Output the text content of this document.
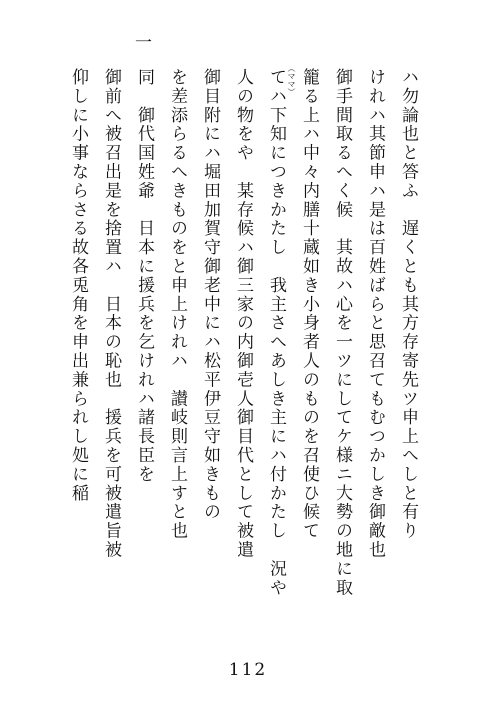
（ママ）
一
ハ勿論也と答ふ　遅くとも其方存寄先ツ申上へしと有り
けれハ其節申ハ是は百姓ばらと思召てもむつかしき御敵也
御手間取るへく候　其故ハ心を一ツにしてケ様ニ大勢の地に取
籠る上ハ中々内膳十蔵如き小身者人のものを召使ひ候て
てハ下知につきかたし　我主さへあしき主にハ付かたし　況や
人の物をや　某存候ハ御三家の内御壱人御目代として被遣
御目附にハ堀田加賀守御老中にハ松平伊豆守如きもの
を差添らるへきものをと申上けれハ　讃岐則言上すと也
同　御代国姓爺　日本に援兵を乞けれハ諸長臣を
御前へ被召出是を捨置ハ　日本の恥也　援兵を可被遣旨被
仰しに小事ならさる故各兎角を申出兼られし処に稲
112
